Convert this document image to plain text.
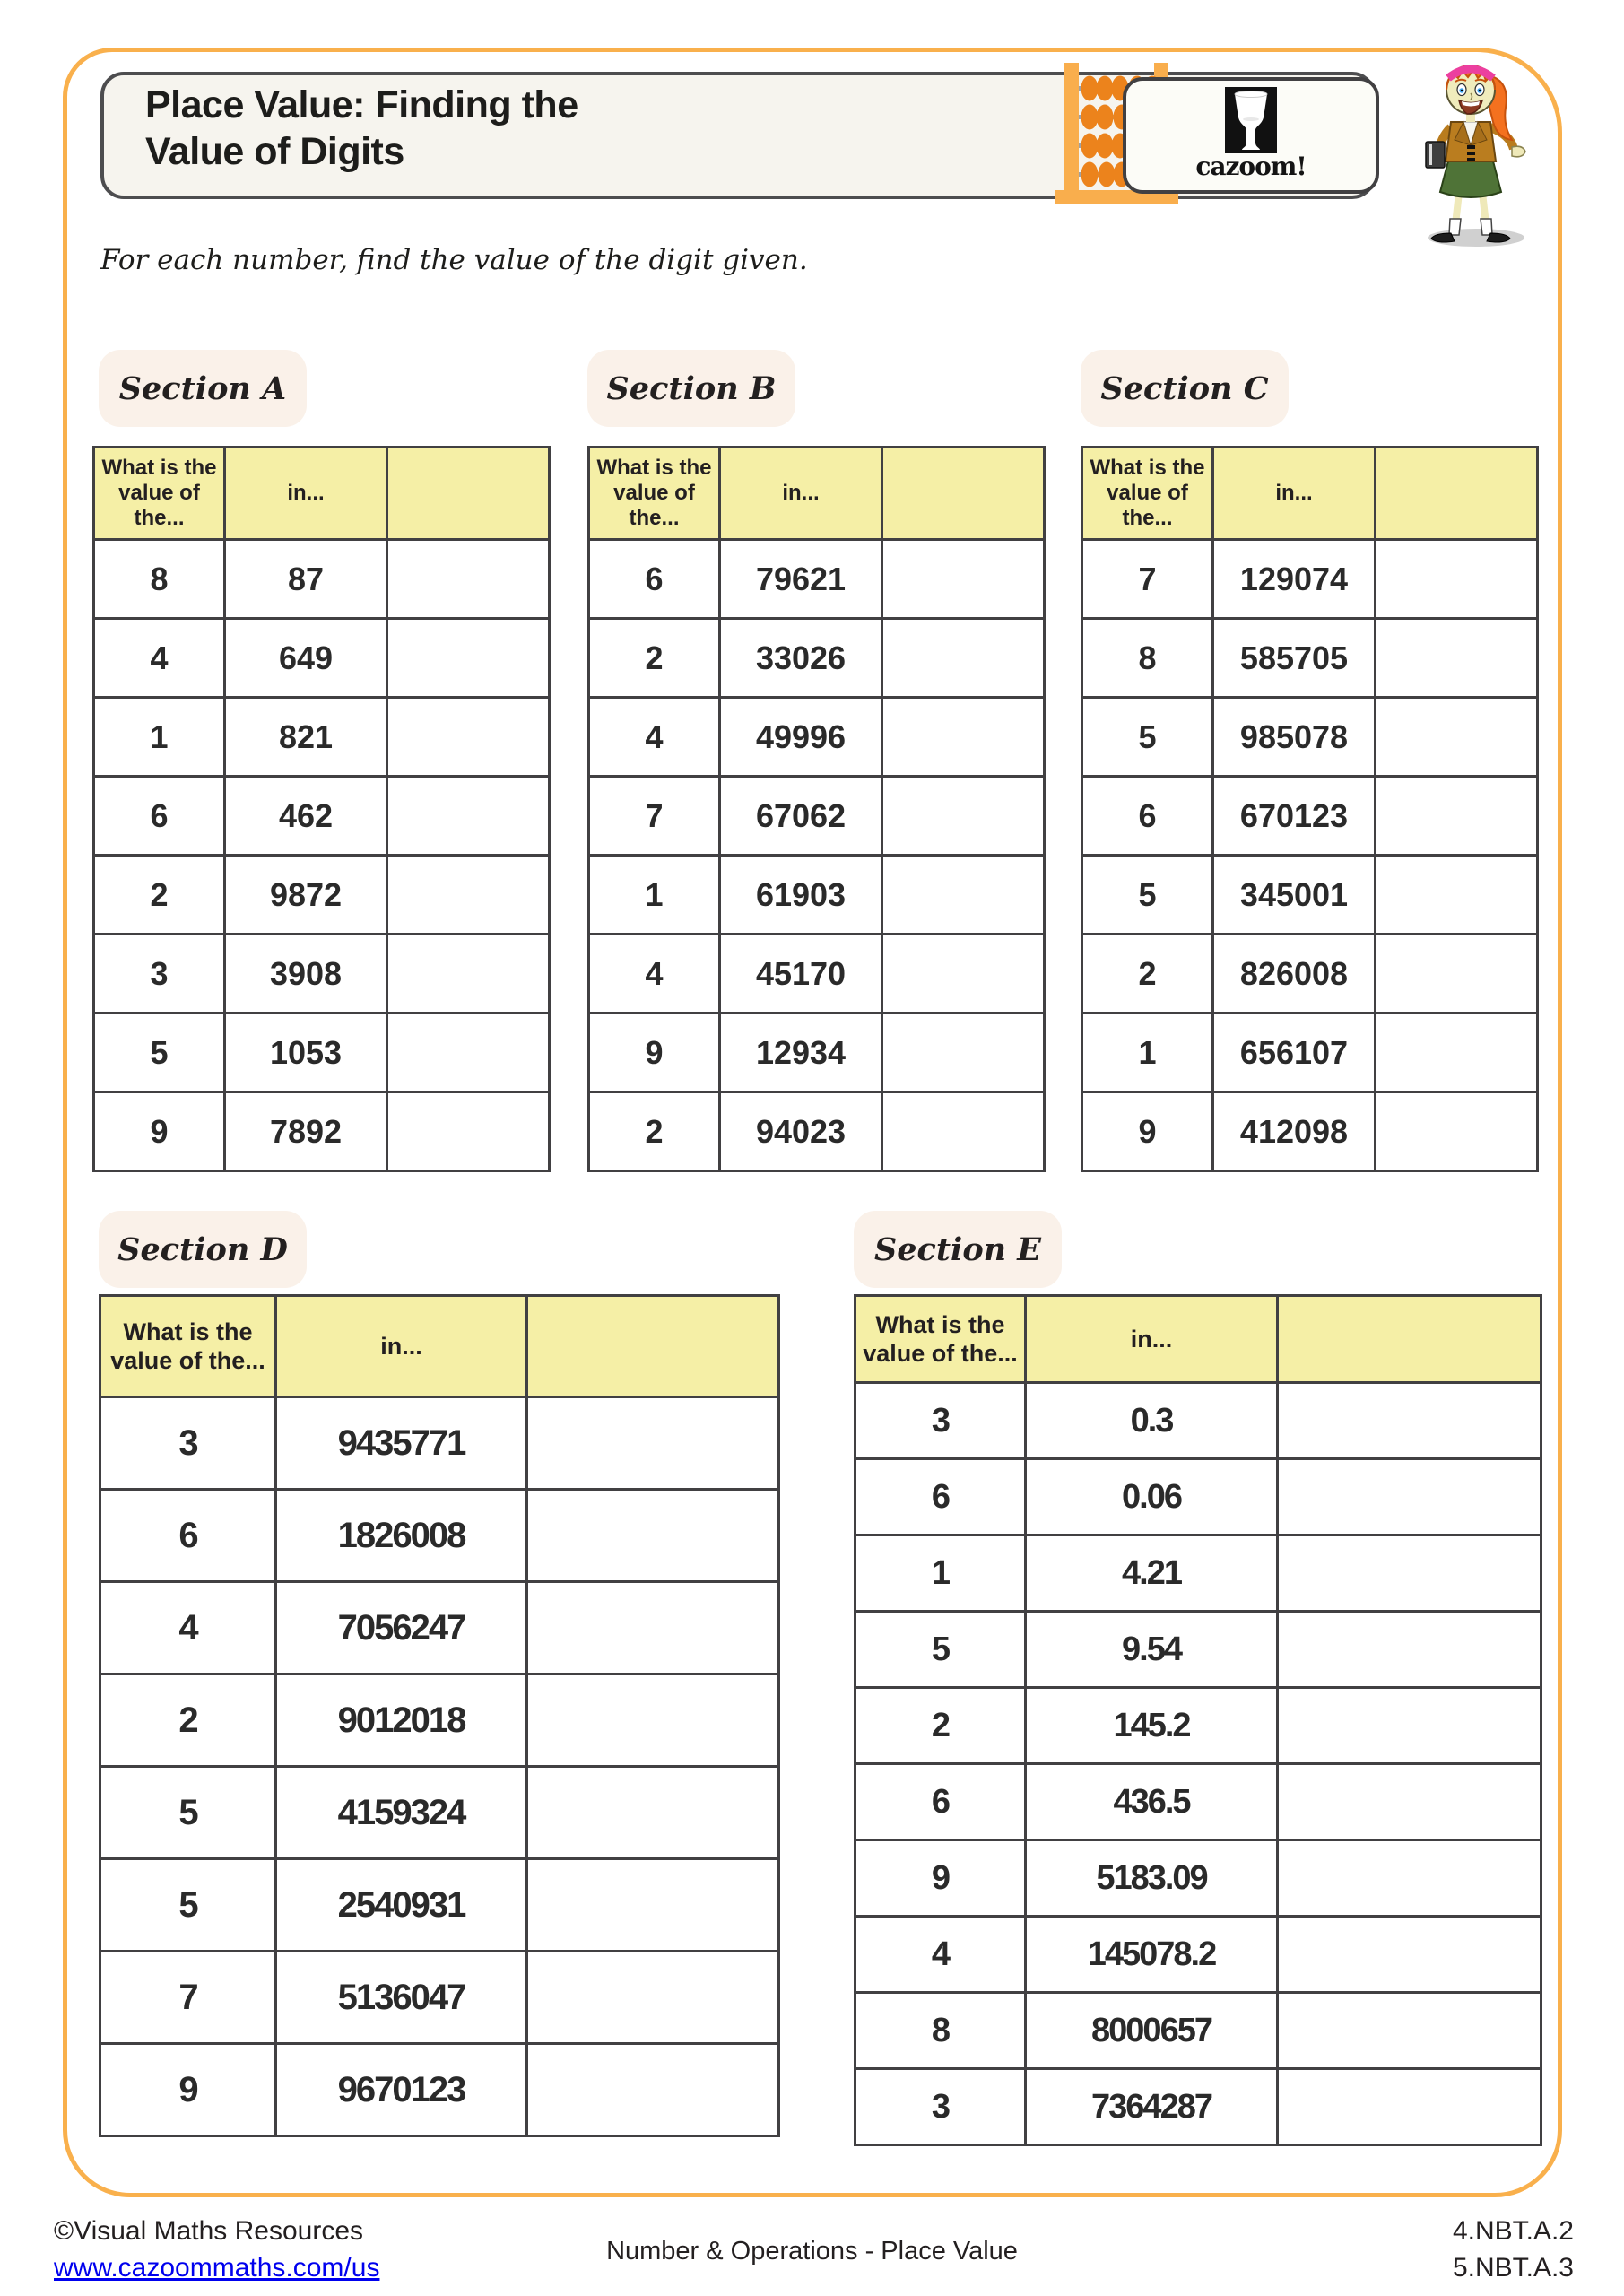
Place Value: Finding the
Value of Digits	cazoom!
For each number, find the value of the digit given.
Section A	Section B	Section C
Section D	Section E
What is the value of the...	in...	
8	87	
4	649	
1	821	
6	462	
2	9872	
3	3908	
5	1053	
9	7892	
What is the value of the...	in...	
6	79621	
2	33026	
4	49996	
7	67062	
1	61903	
4	45170	
9	12934	
2	94023	
What is the value of the...	in...	
7	129074	
8	585705	
5	985078	
6	670123	
5	345001	
2	826008	
1	656107	
9	412098	
What is the value of the...	in...	
3	9435771	
6	1826008	
4	7056247	
2	9012018	
5	4159324	
5	2540931	
7	5136047	
9	9670123	
What is the value of the...	in...	
3	0.3	
6	0.06	
1	4.21	
5	9.54	
2	145.2	
6	436.5	
9	5183.09	
4	145078.2	
8	8000657	
3	7364287	
©Visual Maths Resources
www.cazoommaths.com/us
Number & Operations - Place Value
4.NBT.A.2
5.NBT.A.3
